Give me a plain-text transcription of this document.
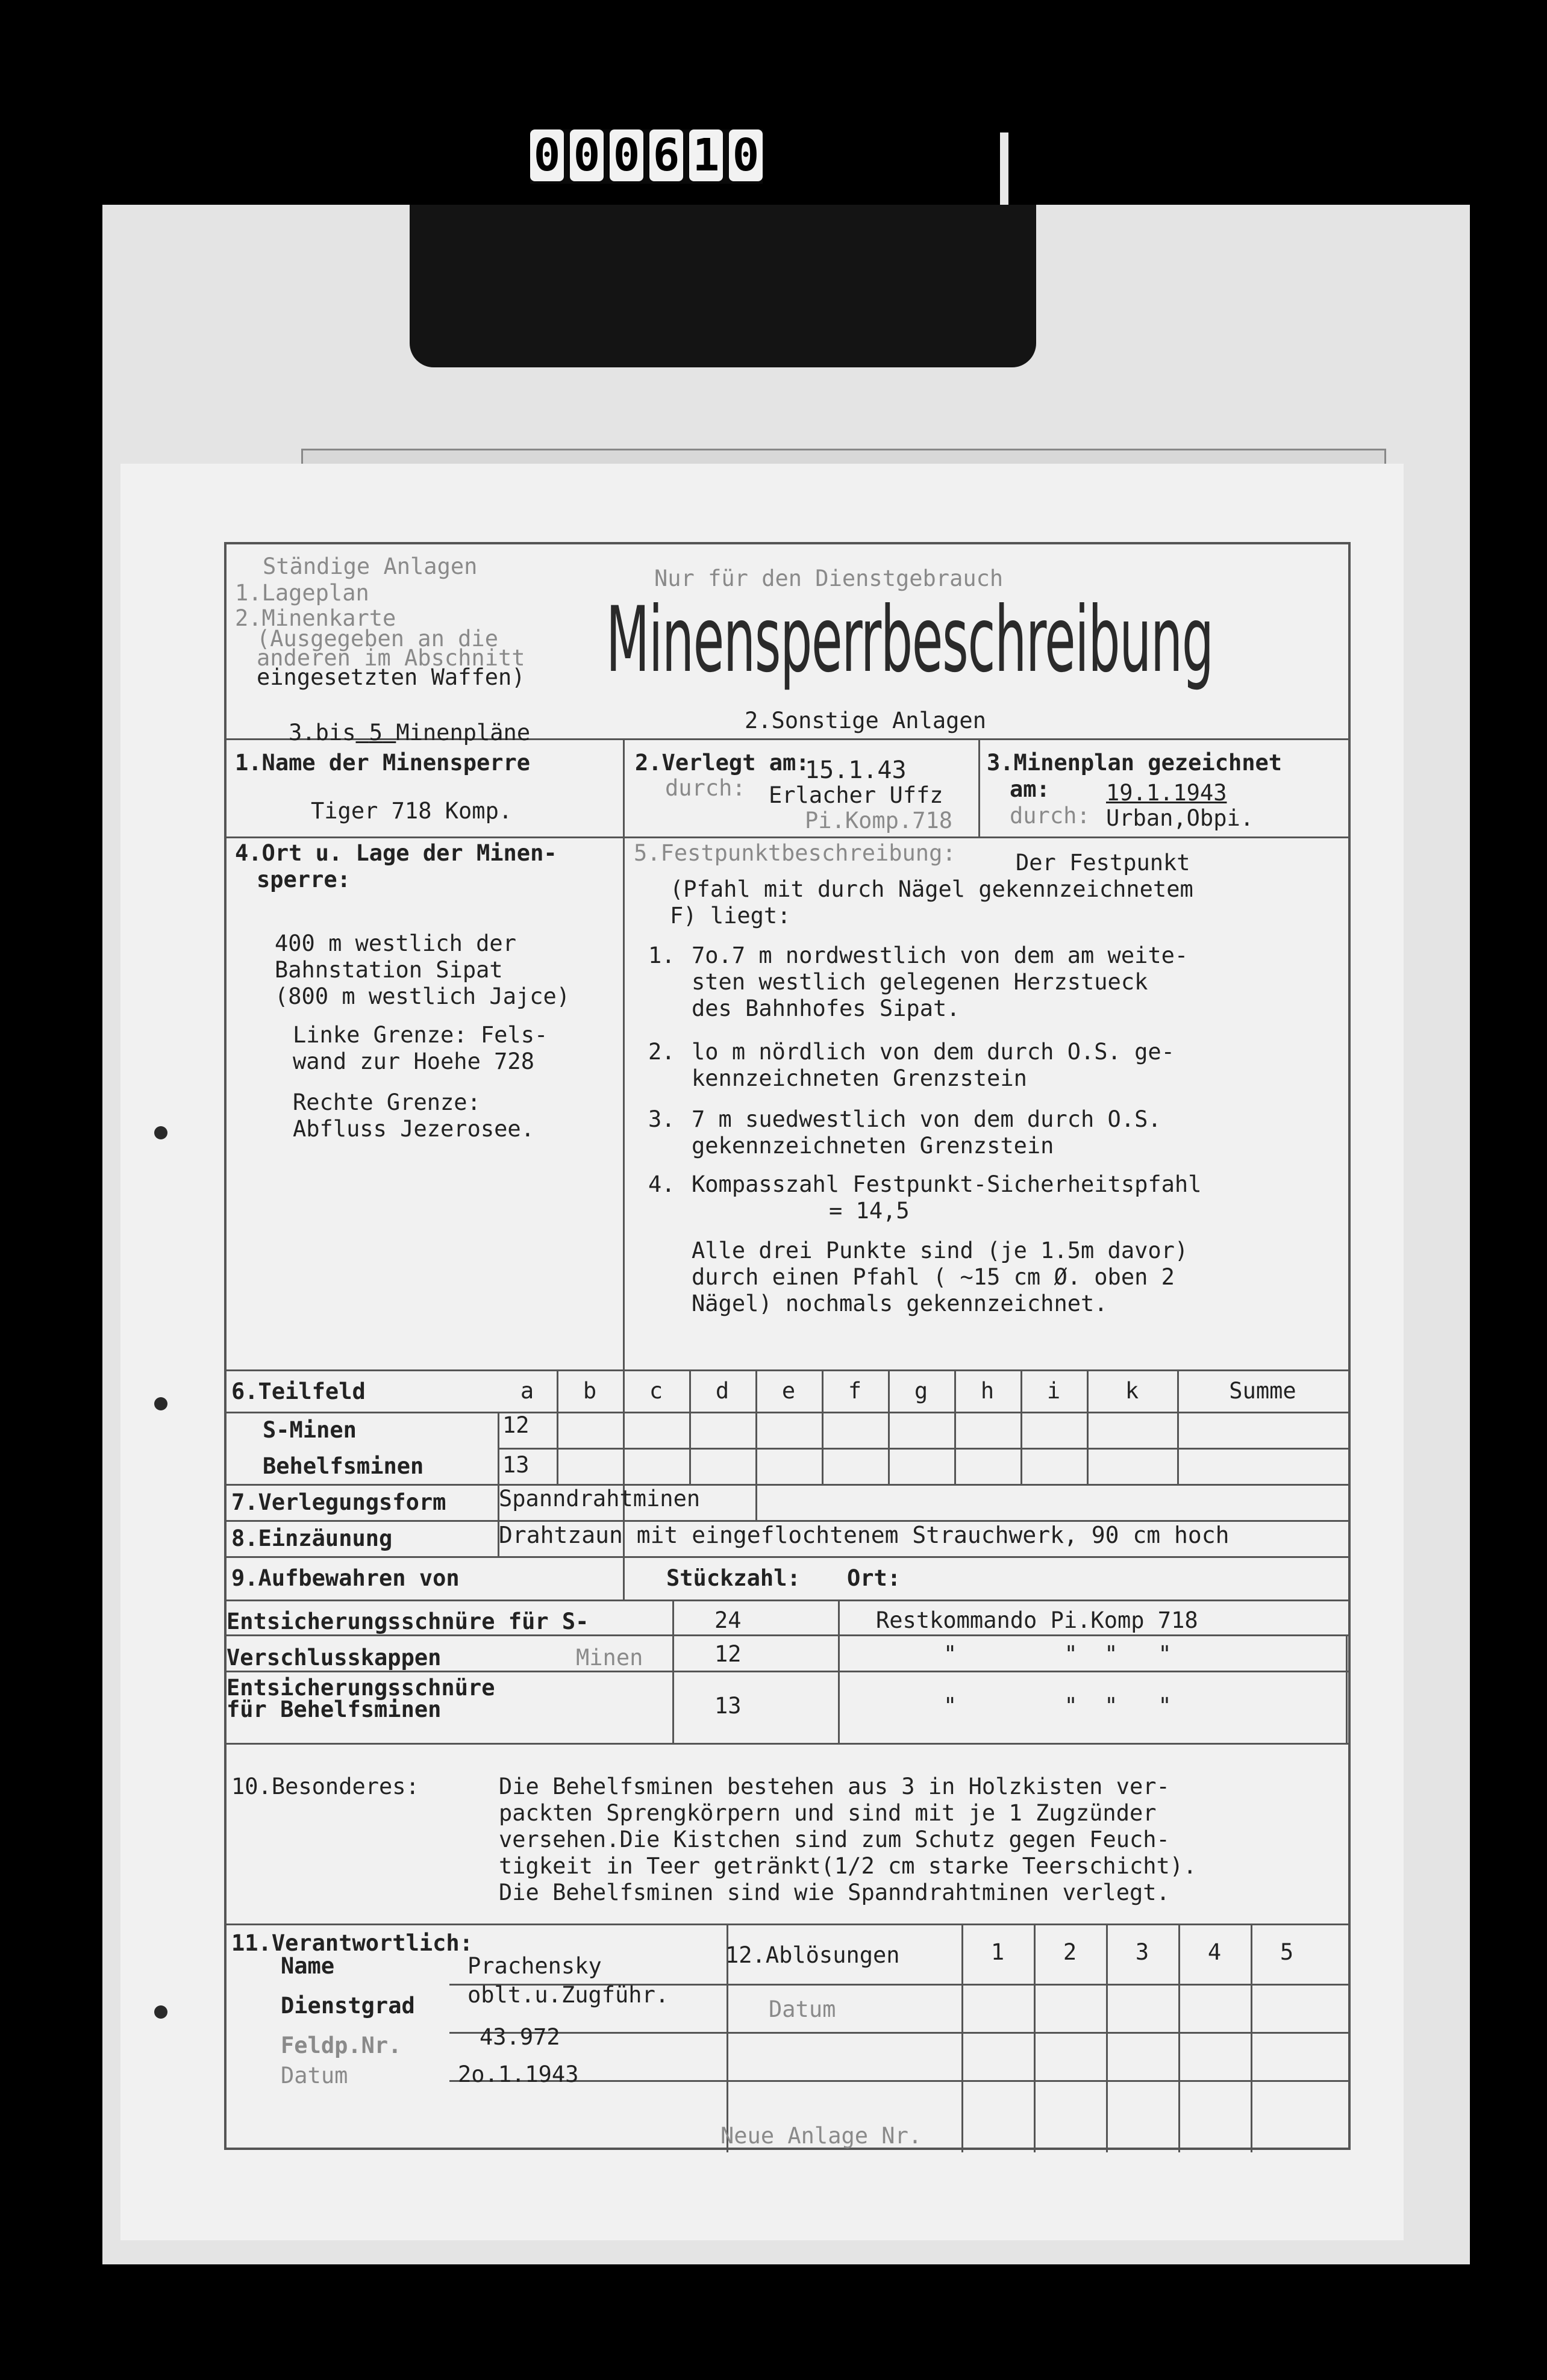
0 0 0 6 1 0
Ständige Anlagen
1.Lageplan
2.Minenkarte
(Ausgegeben an die
anderen im Abschnitt
eingesetzten Waffen)

3.bis 5 Minenpläne

Nur für den Dienstgebrauch
Minensperrbeschreibung
2.Sonstige Anlagen
1.Name der Minensperre
Tiger 718 Komp.
2.Verlegt am:
durch:
15.1.43
Erlacher Uffz
Pi.Komp.718
3.Minenplan gezeichnet
am:
durch:
19.1.1943
Urban,Obpi.
4.Ort u. Lage der Minen-
sperre:
400 m westlich der
Bahnstation Sipat
(800 m westlich Jajce)
Linke Grenze: Fels-
wand zur Hoehe 728
Rechte Grenze:
Abfluss Jezerosee.
5.Festpunktbeschreibung:	Der Festpunkt
(Pfahl mit durch Nägel gekennzeichnetem
F) liegt:
1. 7o.7 m nordwestlich von dem am weite-
sten westlich gelegenen Herzstueck
des Bahnhofes Sipat.
2. lo m nördlich von dem durch O.S. ge-
kennzeichneten Grenzstein
3. 7 m suedwestlich von dem durch O.S.
gekennzeichneten Grenzstein
4. Kompasszahl Festpunkt-Sicherheitspfahl
= 14,5
Alle drei Punkte sind (je 1.5m davor)
durch einen Pfahl ( ~15 cm Ø. oben 2
Nägel) nochmals gekennzeichnet.
6.Teilfeld	a	b	c	d	e	f	g	h	i	k	Summe
S-Minen	12
Behelfsminen	13
7.Verlegungsform Spanndrahtminen
8.Einzäunung	Drahtzaun mit eingeflochtenem Strauchwerk, 90 cm hoch
9.Aufbewahren von	Stückzahl: Ort:
Entsicherungsschnüre für S-	24	Restkommando Pi.Komp 718
Verschlusskappen	Minen	12	"        "  "   "
Entsicherungsschnüre
für Behelfsminen	13	"        "  "   "
10.Besonderes:	Die Behelfsminen bestehen aus 3 in Holzkisten ver-
packten Sprengkörpern und sind mit je 1 Zugzünder
versehen.Die Kistchen sind zum Schutz gegen Feuch-
tigkeit in Teer getränkt(1/2 cm starke Teerschicht).
Die Behelfsminen sind wie Spanndrahtminen verlegt.
11.Verantwortlich:
Name	Prachensky
Dienstgrad oblt.u.Zugführ.
Feldp.Nr.	43.972
Datum	2o.1.1943
12.Ablösungen	1	2	3	4	5
Datum
Neue Anlage Nr.
